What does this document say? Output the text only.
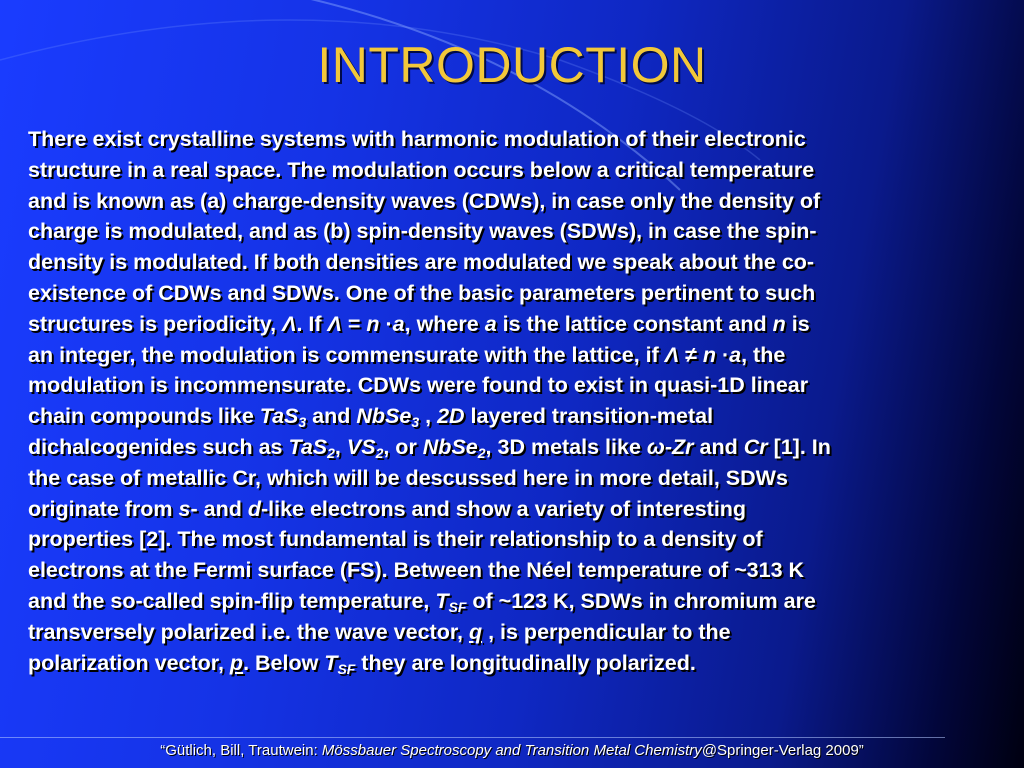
INTRODUCTION
There exist crystalline systems with harmonic modulation of their electronic
structure in a real space. The modulation occurs below a critical temperature
and is known as (a) charge-density waves (CDWs), in case only the density of
charge is modulated, and as (b) spin-density waves (SDWs), in case the spin-
density is modulated. If both densities are modulated we speak about the co-
existence of CDWs and SDWs. One of the basic parameters pertinent to such
structures is periodicity, Λ. If Λ = n ·a, where a is the lattice constant and n is
an integer, the modulation is commensurate with the lattice, if Λ ≠ n ·a, the
modulation is incommensurate. CDWs were found to exist in quasi-1D linear
chain compounds like TaS$_3$ and NbSe$_3$ , 2D layered transition-metal
dichalcogenides such as TaS$_2$, $VS_2$, or NbSe$_2$, 3D metals like ω-Zr and Cr [1]. In
the case of metallic Cr, which will be descussed here in more detail, SDWs
originate from s- and d-like electrons and show a variety of interesting
properties [2]. The most fundamental is their relationship to a density of
electrons at the Fermi surface (FS). Between the Néel temperature of ~313 K
and the so-called spin-flip temperature, $T_{SF}$ of ~123 K, SDWs in chromium are
transversely polarized i.e. the wave vector, q , is perpendicular to the
polarization vector, p. Below $T_{SF}$ they are longitudinally polarized.
“Gütlich, Bill, Trautwein: Mössbauer Spectroscopy and Transition Metal Chemistry@Springer-Verlag 2009”
